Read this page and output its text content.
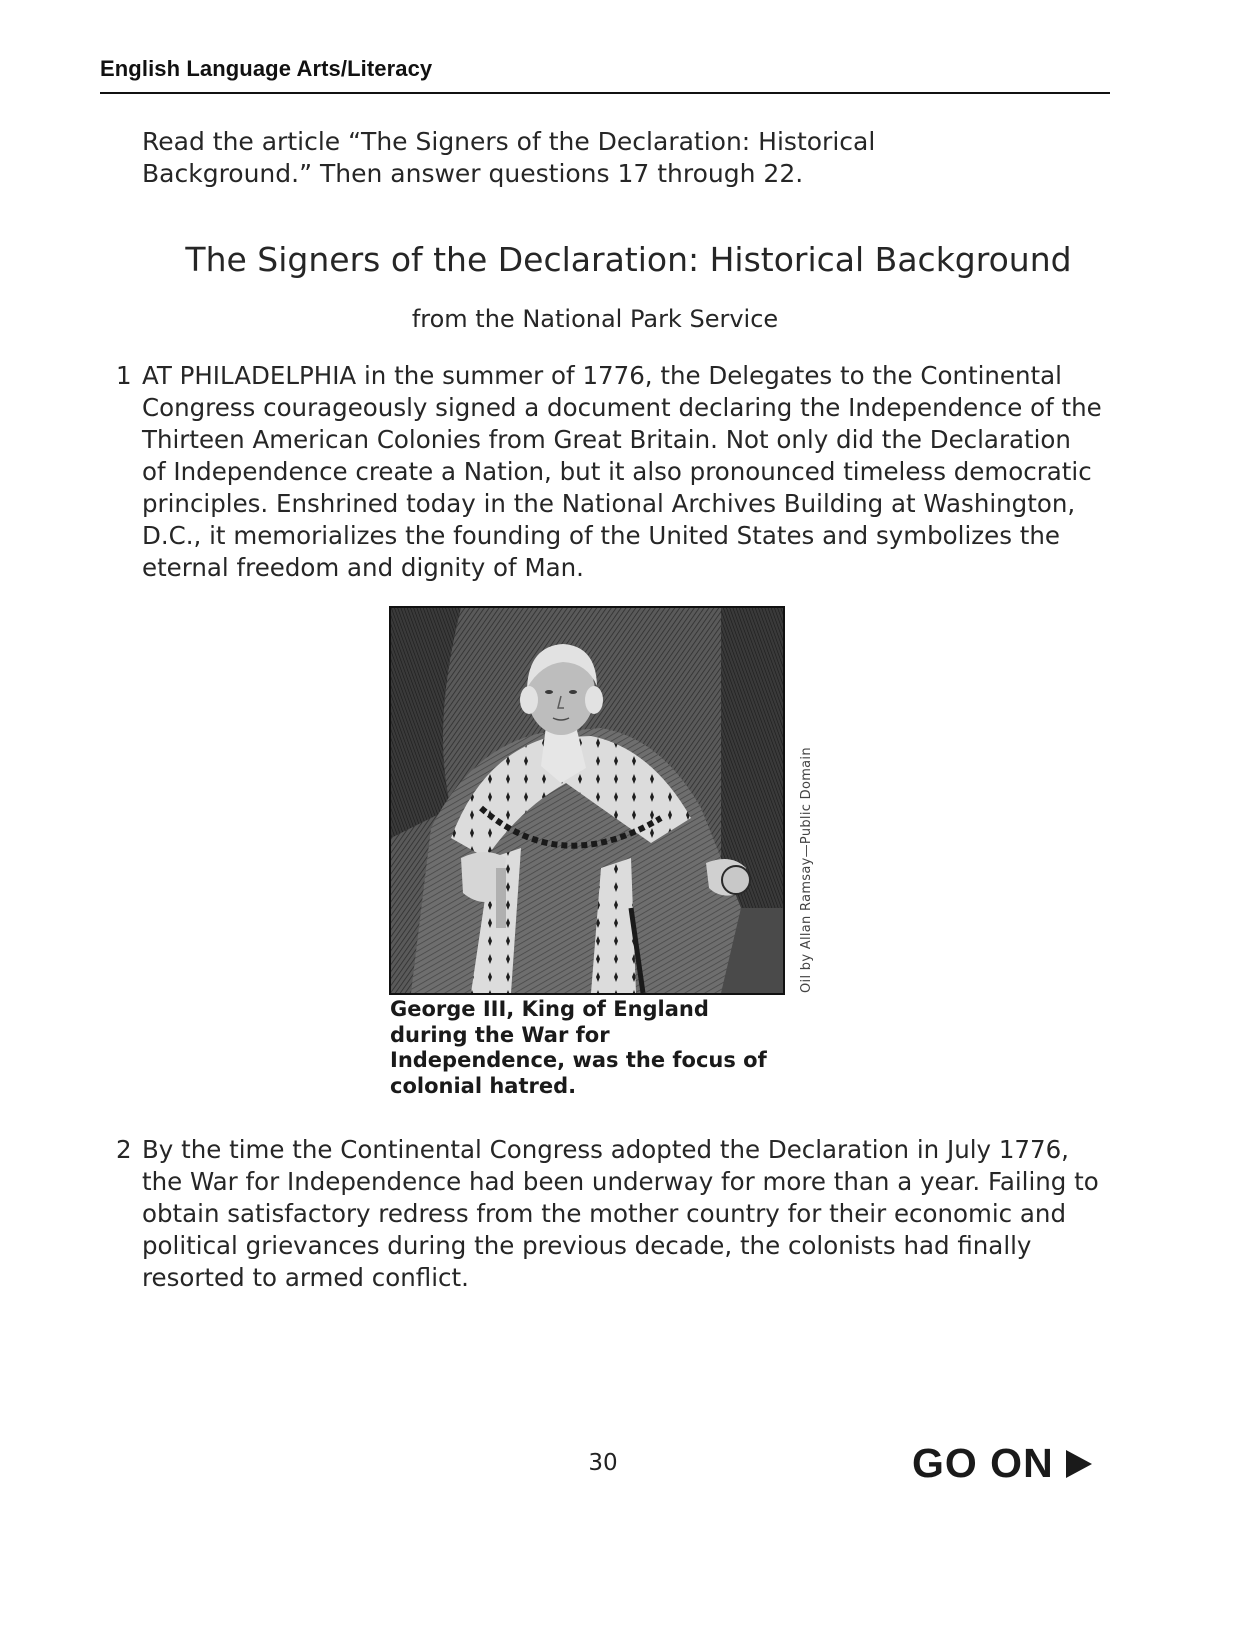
English Language Arts/Literacy
Read the article “The Signers of the Declaration: Historical Background.” Then answer questions 17 through 22.
The Signers of the Declaration: Historical Background
from the National Park Service
1 AT PHILADELPHIA in the summer of 1776, the Delegates to the Continental Congress courageously signed a document declaring the Independence of the Thirteen American Colonies from Great Britain. Not only did the Declaration of Independence create a Nation, but it also pronounced timeless democratic principles. Enshrined today in the National Archives Building at Washington, D.C., it memorializes the founding of the United States and symbolizes the eternal freedom and dignity of Man.
Oil by Allan Ramsay—Public Domain
George III, King of England during the War for Independence, was the focus of colonial hatred.
2 By the time the Continental Congress adopted the Declaration in July 1776, the War for Independence had been underway for more than a year. Failing to obtain satisfactory redress from the mother country for their economic and political grievances during the previous decade, the colonists had finally resorted to armed conflict.
30	GO ON
